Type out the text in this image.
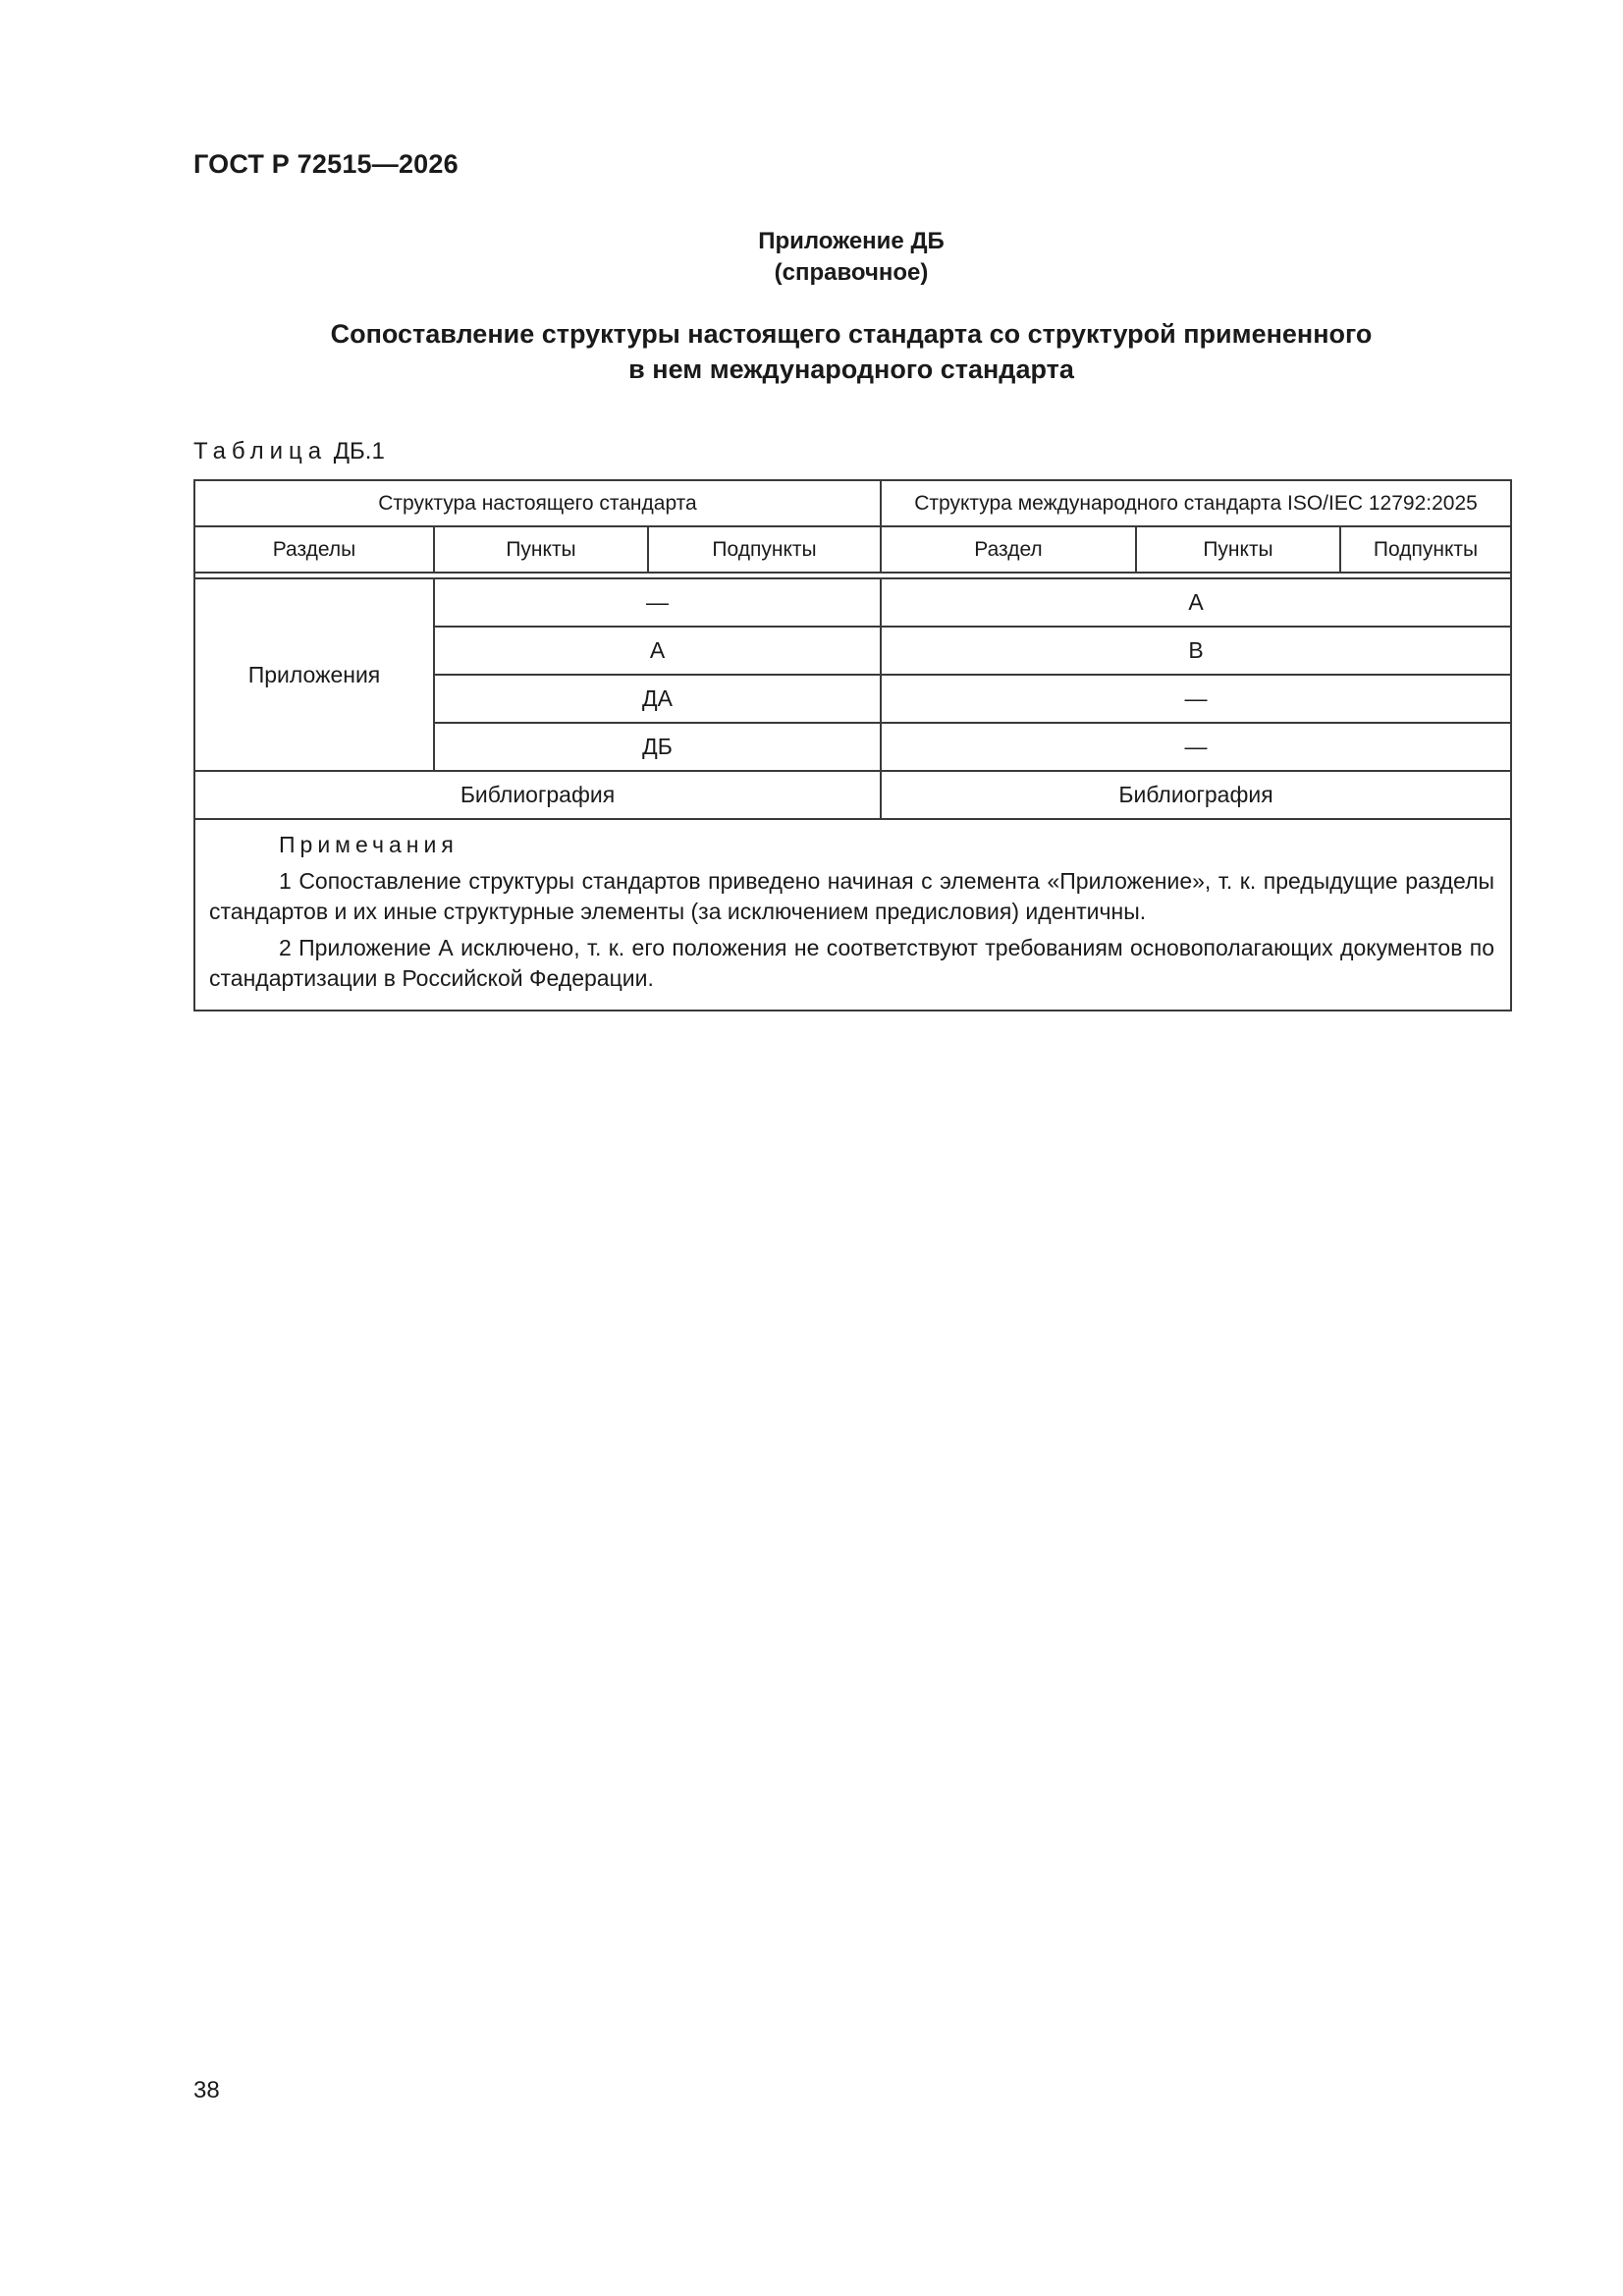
ГОСТ Р 72515—2026
Приложение ДБ
(справочное)
Сопоставление структуры настоящего стандарта со структурой примененного
в нем международного стандарта
Таблица ДБ.1
Структура настоящего стандарта			Структура международного стандарта ISO/IEC 12792:2025		
Разделы	Пункты	Подпункты	Раздел	Пункты	Подпункты

Приложения	—		А		
	А		В		
	ДА		—		
	ДБ		—		
Библиография			Библиография		

Примечания
1 Сопоставление структуры стандартов приведено начиная с элемента «Приложение», т. к. предыдущие разделы стандартов и их иные структурные элементы (за исключением предисловия) идентичны.
2 Приложение А исключено, т. к. его положения не соответствуют требованиям основополагающих документов по стандартизации в Российской Федерации.					
38
